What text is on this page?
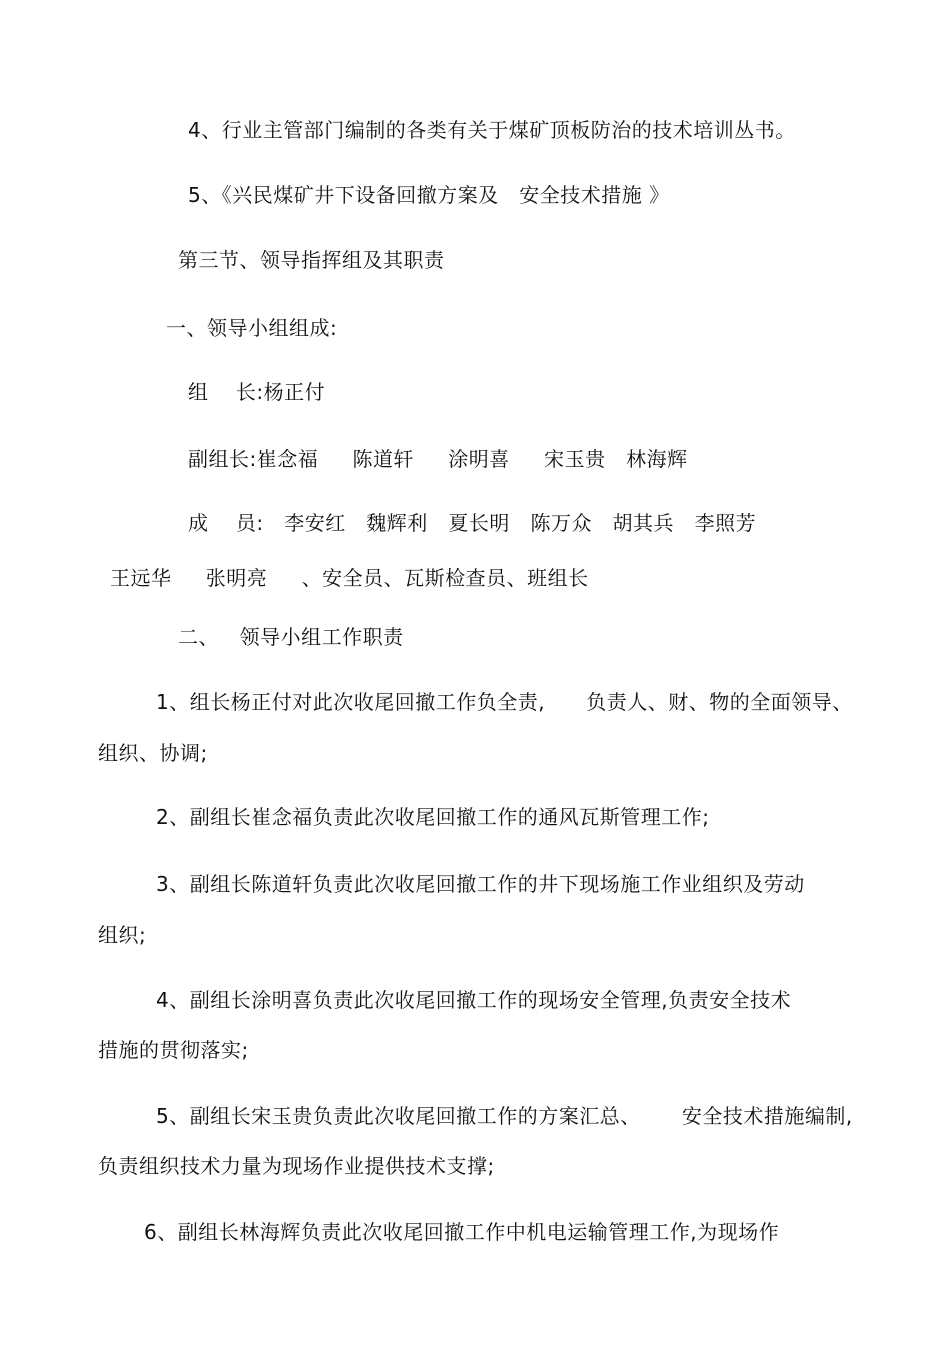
4、行业主管部门编制的各类有关于煤矿顶板防治的技术培训丛书。
5、《兴民煤矿井下设备回撤方案及   安全技术措施 》
第三节、领导指挥组及其职责
一、领导小组组成:
组    长:杨正付
副组长:崔念福     陈道轩     涂明喜     宋玉贵   林海辉
成    员:   李安红   魏辉利   夏长明   陈万众   胡其兵   李照芳
王远华     张明亮     、安全员、瓦斯检查员、班组长
二、   领导小组工作职责
1、组长杨正付对此次收尾回撤工作负全责,      负责人、财、物的全面领导、
组织、协调;
2、副组长崔念福负责此次收尾回撤工作的通风瓦斯管理工作;
3、副组长陈道轩负责此次收尾回撤工作的井下现场施工作业组织及劳动
组织;
4、副组长涂明喜负责此次收尾回撤工作的现场安全管理,负责安全技术
措施的贯彻落实;
5、副组长宋玉贵负责此次收尾回撤工作的方案汇总、      安全技术措施编制,
负责组织技术力量为现场作业提供技术支撑;
6、副组长林海辉负责此次收尾回撤工作中机电运输管理工作,为现场作
